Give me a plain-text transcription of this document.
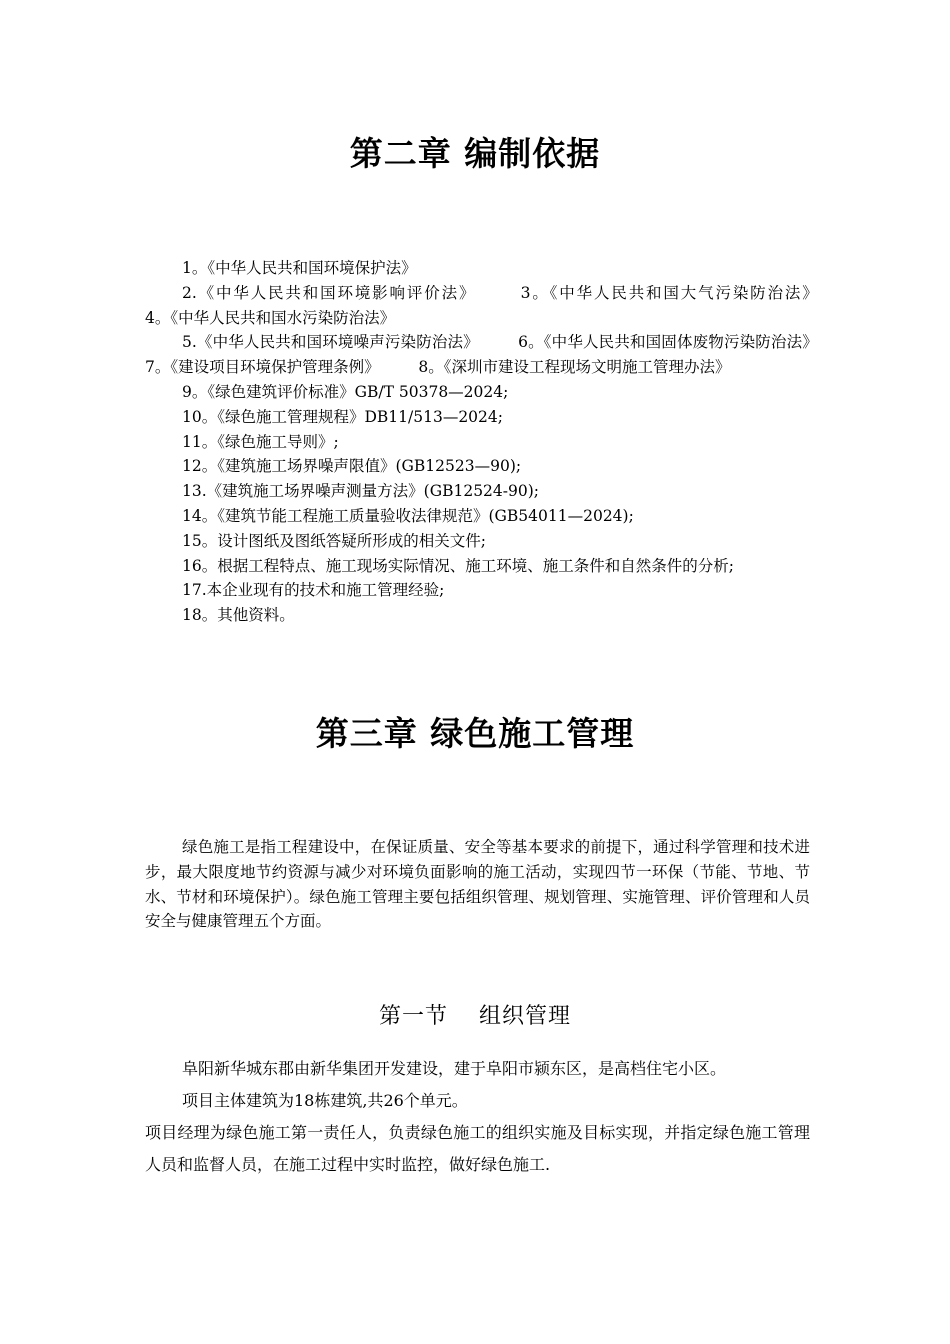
第二章 编制依据

1。《中华人民共和国环境保护法》

2.《中华人民共和国环境影响评价法》　　　3。《中华人民共和国大气污染防治法》　　　4。《中华人民共和国水污染防治法》

5.《中华人民共和国环境噪声污染防治法》　　　6。《中华人民共和国固体废物污染防治法》　　　7。《建设项目环境保护管理条例》　　　8。《深圳市建设工程现场文明施工管理办法》

9。《绿色建筑评价标准》GB/T 50378—2024;

10。《绿色施工管理规程》DB11/513—2024;

11。《绿色施工导则》;

12。《建筑施工场界噪声限值》(GB12523—90);

13.《建筑施工场界噪声测量方法》(GB12524-90);

14。《建筑节能工程施工质量验收法律规范》(GB54011—2024);

15。设计图纸及图纸答疑所形成的相关文件;

16。根据工程特点、施工现场实际情况、施工环境、施工条件和自然条件的分析;

17.本企业现有的技术和施工管理经验;

18。其他资料。

第三章 绿色施工管理

绿色施工是指工程建设中，在保证质量、安全等基本要求的前提下，通过科学管理和技术进步，最大限度地节约资源与减少对环境负面影响的施工活动，实现四节一环保（节能、节地、节水、节材和环境保护）。绿色施工管理主要包括组织管理、规划管理、实施管理、评价管理和人员安全与健康管理五个方面。

第一节　 组织管理

阜阳新华城东郡由新华集团开发建设，建于阜阳市颍东区，是高档住宅小区。

项目主体建筑为18栋建筑,共26个单元。

项目经理为绿色施工第一责任人，负责绿色施工的组织实施及目标实现，并指定绿色施工管理人员和监督人员，在施工过程中实时监控，做好绿色施工.
